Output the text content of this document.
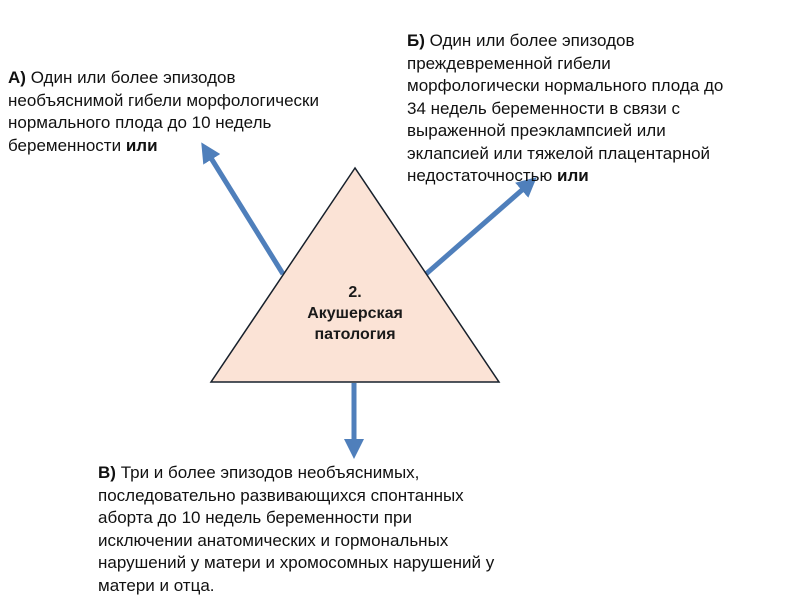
2.
Акушерская
патология
А) Один или более эпизодов
необъяснимой гибели морфологически
нормального плода до 10 недель
беременности или
Б) Один или более эпизодов
преждевременной гибели
морфологически нормального плода до
34 недель беременности в связи с
выраженной преэклампсией или
эклапсией или тяжелой плацентарной
недостаточностью или
В) Три и более эпизодов необъяснимых,
последовательно развивающихся спонтанных
аборта до 10 недель беременности при
исключении анатомических и гормональных
нарушений у матери и хромосомных нарушений у
матери и отца.
